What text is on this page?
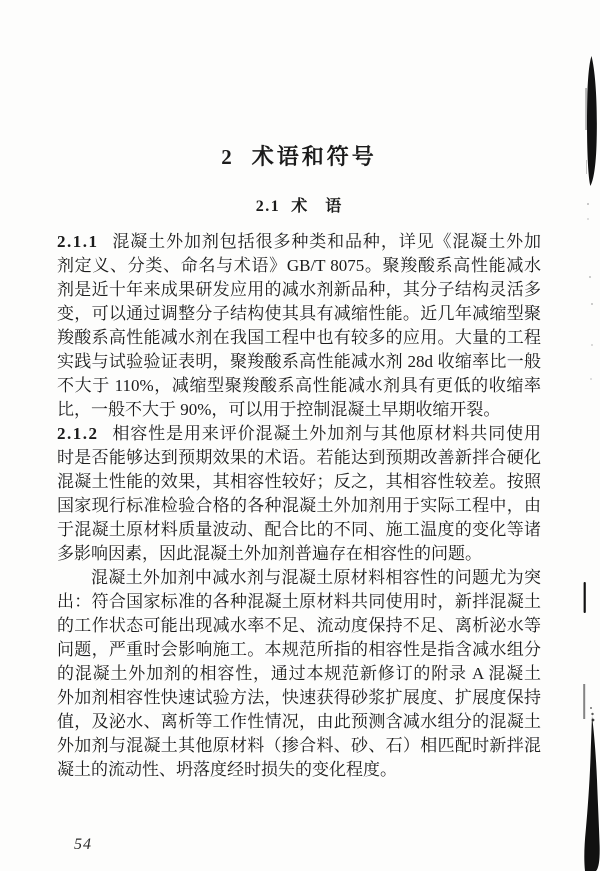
2 术语和符号
2.1 术　语
2.1.1 混凝土外加剂包括很多种类和品种，详见《混凝土外加
剂定义、分类、命名与术语》GB/T 8075。聚羧酸系高性能减水
剂是近十年来成果研发应用的减水剂新品种，其分子结构灵活多
变，可以通过调整分子结构使其具有减缩性能。近几年减缩型聚
羧酸系高性能减水剂在我国工程中也有较多的应用。大量的工程
实践与试验验证表明，聚羧酸系高性能减水剂 28d 收缩率比一般
不大于 110%，减缩型聚羧酸系高性能减水剂具有更低的收缩率
比，一般不大于 90%，可以用于控制混凝土早期收缩开裂。
2.1.2 相容性是用来评价混凝土外加剂与其他原材料共同使用
时是否能够达到预期效果的术语。若能达到预期改善新拌合硬化
混凝土性能的效果，其相容性较好；反之，其相容性较差。按照
国家现行标准检验合格的各种混凝土外加剂用于实际工程中，由
于混凝土原材料质量波动、配合比的不同、施工温度的变化等诸
多影响因素，因此混凝土外加剂普遍存在相容性的问题。
混凝土外加剂中减水剂与混凝土原材料相容性的问题尤为突
出：符合国家标准的各种混凝土原材料共同使用时，新拌混凝土
的工作状态可能出现减水率不足、流动度保持不足、离析泌水等
问题，严重时会影响施工。本规范所指的相容性是指含减水组分
的混凝土外加剂的相容性，通过本规范新修订的附录 A 混凝土
外加剂相容性快速试验方法，快速获得砂浆扩展度、扩展度保持
值，及泌水、离析等工作性情况，由此预测含减水组分的混凝土
外加剂与混凝土其他原材料（掺合料、砂、石）相匹配时新拌混
凝土的流动性、坍落度经时损失的变化程度。
54
